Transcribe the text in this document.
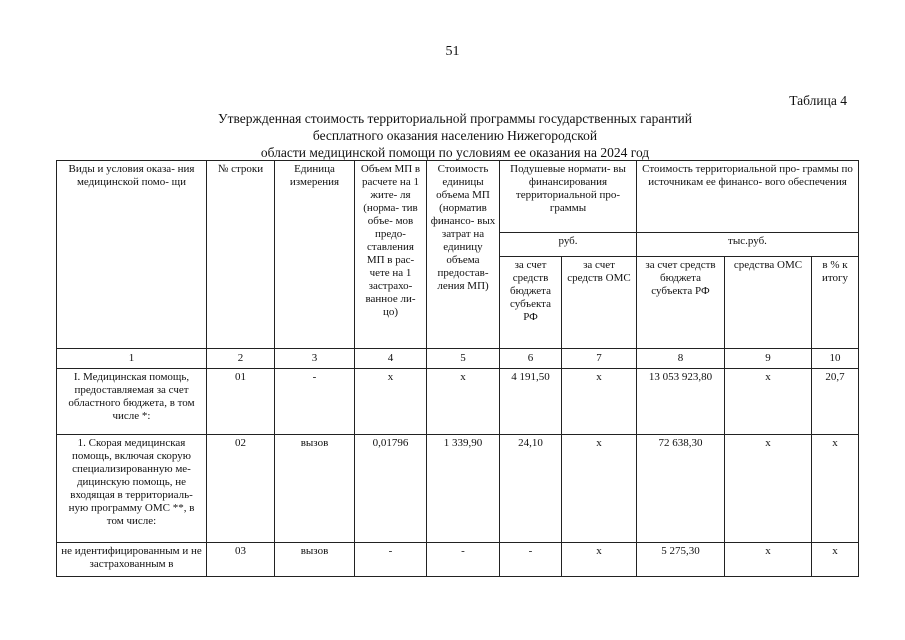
51
Таблица 4
Утвержденная стоимость территориальной программы государственных гарантий
бесплатного оказания населению Нижегородской
области медицинской помощи по условиям ее оказания на 2024 год
Виды и условия оказа- ния медицинской помо- щи	№ строки	Единица измерения	Объем МП в расчете на 1 жите- ля (норма- тив объе- мов предо- ставления МП в рас- чете на 1 застрахо- ванное ли- цо)	Стоимость единицы объема МП (норматив финансо- вых затрат на единицу объема предостав- ления МП)	Подушевые нормати- вы финансирования территориальной про- граммы		Стоимость территориальной про- граммы по источникам ее финансо- вого обеспечения		
					руб.		тыс.руб.		
					за счет средств бюджета субъекта РФ	за счет средств ОМС	за счет средств бюджета субъекта РФ	средства ОМС	в % к итогу
1	2	3	4	5	6	7	8	9	10
I. Медицинская помощь, предоставляемая за счет областного бюджета, в том числе *:	01	-	x	x	4 191,50	x	13 053 923,80	x	20,7
1. Скорая медицинская помощь, включая скорую специализированную ме- дицинскую помощь, не входящая в территориаль- ную программу ОМС **, в том числе:	02	вызов	0,01796	1 339,90	24,10	x	72 638,30	x	x
не идентифицированным и не застрахованным в	03	вызов	-	-	-	x	5 275,30	x	x
